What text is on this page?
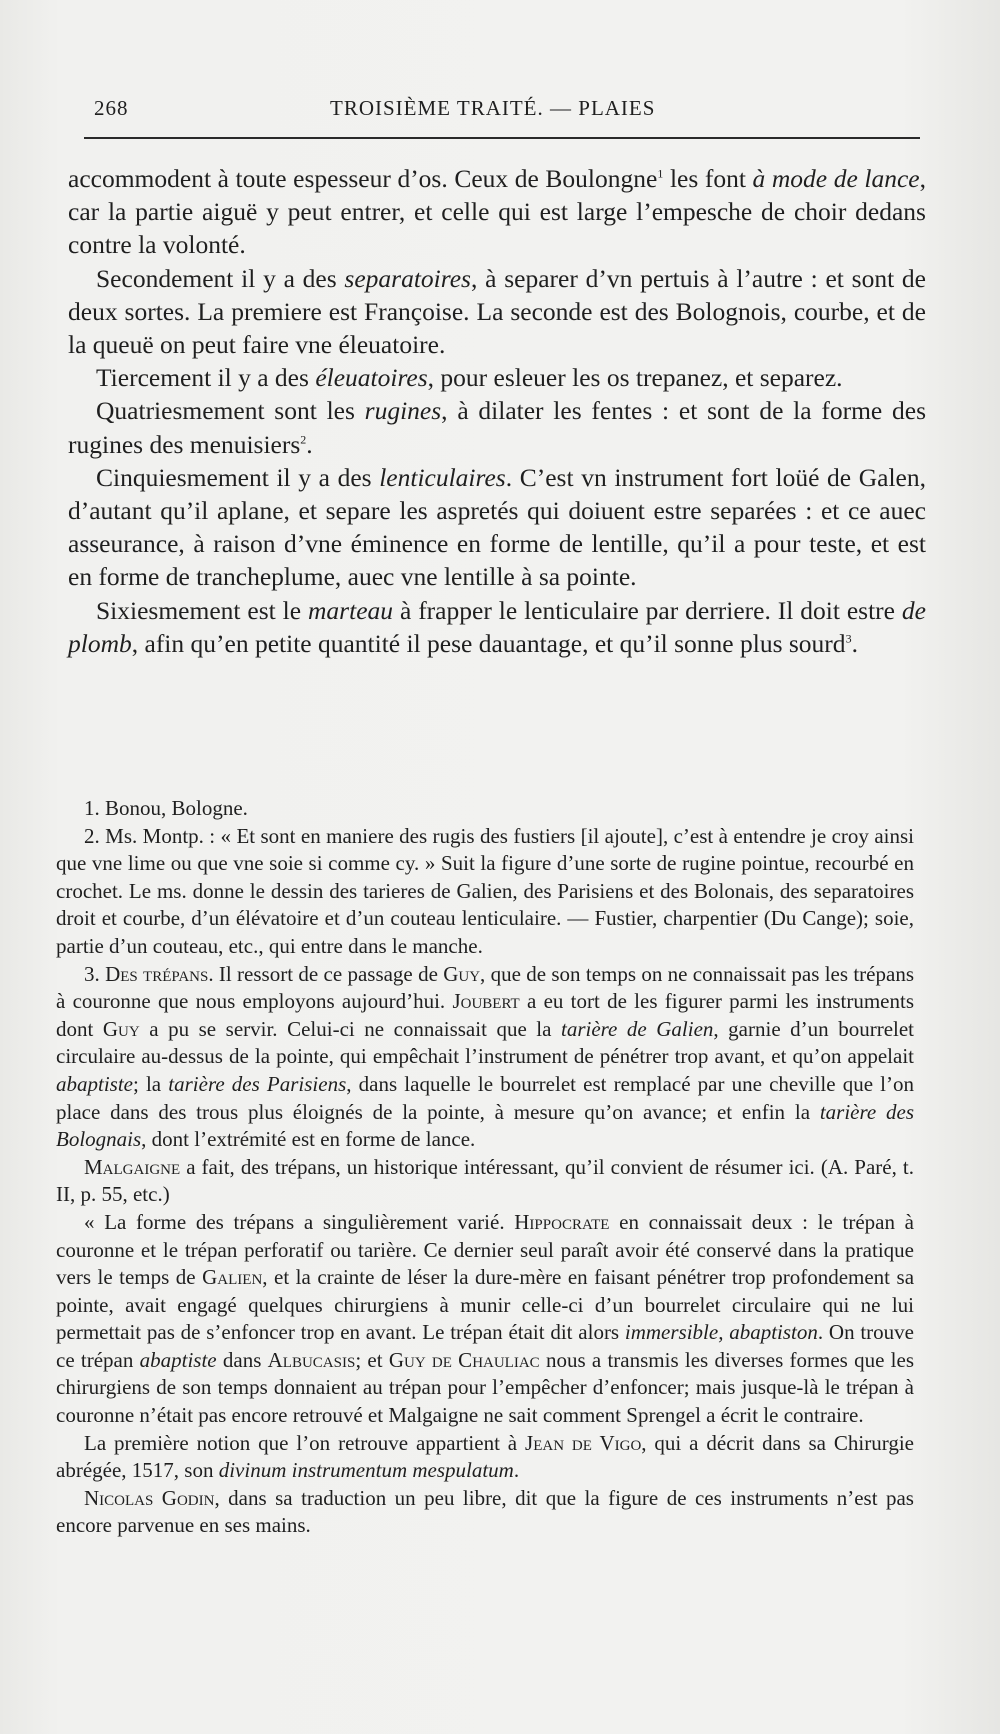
268	TROISIÈME TRAITÉ. — PLAIES

accommodent à toute espesseur d’os. Ceux de Boulongne$^1$ les font à mode de lance, car la partie aiguë y peut entrer, et celle qui est large l’empesche de choir dedans contre la volonté.

Secondement il y a des separatoires, à separer d’vn pertuis à l’autre : et sont de deux sortes. La premiere est Françoise. La seconde est des Bolognois, courbe, et de la queuë on peut faire vne éleuatoire.

Tiercement il y a des éleuatoires, pour esleuer les os trepanez, et separez.

Quatriesmement sont les rugines, à dilater les fentes : et sont de la forme des rugines des menuisiers$^2$.

Cinquiesmement il y a des lenticulaires. C’est vn instrument fort loüé de Galen, d’autant qu’il aplane, et separe les aspretés qui doiuent estre separées : et ce auec asseurance, à raison d’vne éminence en forme de lentille, qu’il a pour teste, et est en forme de trancheplume, auec vne lentille à sa pointe.

Sixiesmement est le marteau à frapper le lenticulaire par derriere. Il doit estre de plomb, afin qu’en petite quantité il pese dauantage, et qu’il sonne plus sourd$^3$.

1. Bonou, Bologne.

2. Ms. Montp. : « Et sont en maniere des rugis des fustiers [il ajoute], c’est à entendre je croy ainsi que vne lime ou que vne soie si comme cy. » Suit la figure d’une sorte de rugine pointue, recourbé en crochet. Le ms. donne le dessin des tarieres de Galien, des Parisiens et des Bolonais, des separatoires droit et courbe, d’un élévatoire et d’un couteau lenticulaire. — Fustier, charpentier (Du Cange); soie, partie d’un couteau, etc., qui entre dans le manche.

3. Des trépans. Il ressort de ce passage de Guy, que de son temps on ne connaissait pas les trépans à couronne que nous employons aujourd’hui. Joubert a eu tort de les figurer parmi les instruments dont Guy a pu se servir. Celui-ci ne connaissait que la tarière de Galien, garnie d’un bourrelet circulaire au-dessus de la pointe, qui empêchait l’instrument de pénétrer trop avant, et qu’on appelait abaptiste; la tarière des Parisiens, dans laquelle le bourrelet est remplacé par une cheville que l’on place dans des trous plus éloignés de la pointe, à mesure qu’on avance; et enfin la tarière des Bolognais, dont l’extrémité est en forme de lance.

Malgaigne a fait, des trépans, un historique intéressant, qu’il convient de résumer ici. (A. Paré, t. II, p. 55, etc.)

« La forme des trépans a singulièrement varié. Hippocrate en connaissait deux : le trépan à couronne et le trépan perforatif ou tarière. Ce dernier seul paraît avoir été conservé dans la pratique vers le temps de Galien, et la crainte de léser la dure-mère en faisant pénétrer trop profondement sa pointe, avait engagé quelques chirurgiens à munir celle-ci d’un bourrelet circulaire qui ne lui permettait pas de s’enfoncer trop en avant. Le trépan était dit alors immersible, abaptiston. On trouve ce trépan abaptiste dans Albucasis; et Guy de Chauliac nous a transmis les diverses formes que les chirurgiens de son temps donnaient au trépan pour l’empêcher d’enfoncer; mais jusque-là le trépan à couronne n’était pas encore retrouvé et Malgaigne ne sait comment Sprengel a écrit le contraire.

La première notion que l’on retrouve appartient à Jean de Vigo, qui a décrit dans sa Chirurgie abrégée, 1517, son divinum instrumentum mespulatum.

Nicolas Godin, dans sa traduction un peu libre, dit que la figure de ces instruments n’est pas encore parvenue en ses mains.
